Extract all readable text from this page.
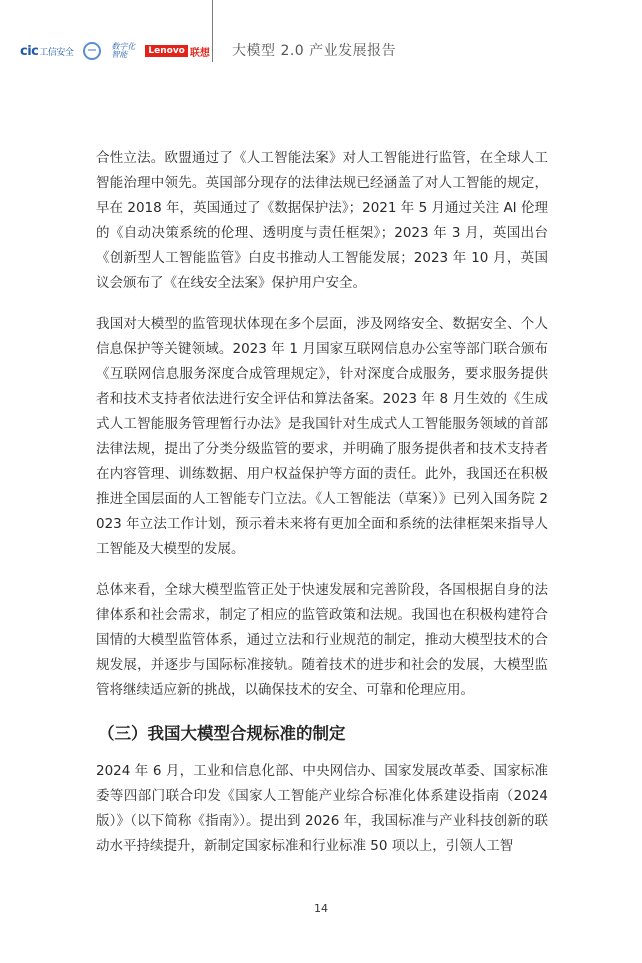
cic工信安全
数字化
智能	Lenovo 联想 大模型 2.0 产业发展报告

合性立法。欧盟通过了《人工智能法案》对人工智能进行监管，在全球人工智能治理中领先。英国部分现存的法律法规已经涵盖了对人工智能的规定，早在 2018 年，英国通过了《数据保护法》；2021 年 5 月通过关注 AI 伦理的《自动决策系统的伦理、透明度与责任框架》；2023 年 3 月，英国出台《创新型人工智能监管》白皮书推动人工智能发展；2023 年 10 月，英国议会颁布了《在线安全法案》保护用户安全。

我国对大模型的监管现状体现在多个层面，涉及网络安全、数据安全、个人信息保护等关键领域。2023 年 1 月国家互联网信息办公室等部门联合颁布《互联网信息服务深度合成管理规定》，针对深度合成服务，要求服务提供者和技术支持者依法进行安全评估和算法备案。2023 年 8 月生效的《生成式人工智能服务管理暂行办法》是我国针对生成式人工智能服务领域的首部法律法规，提出了分类分级监管的要求，并明确了服务提供者和技术支持者在内容管理、训练数据、用户权益保护等方面的责任。此外，我国还在积极推进全国层面的人工智能专门立法。《人工智能法（草案）》已列入国务院 2023 年立法工作计划，预示着未来将有更加全面和系统的法律框架来指导人工智能及大模型的发展。

总体来看，全球大模型监管正处于快速发展和完善阶段，各国根据自身的法律体系和社会需求，制定了相应的监管政策和法规。我国也在积极构建符合国情的大模型监管体系，通过立法和行业规范的制定，推动大模型技术的合规发展，并逐步与国际标准接轨。随着技术的进步和社会的发展，大模型监管将继续适应新的挑战，以确保技术的安全、可靠和伦理应用。

（三）我国大模型合规标准的制定

2024 年 6 月，工业和信息化部、中央网信办、国家发展改革委、国家标准委等四部门联合印发《国家人工智能产业综合标准化体系建设指南（2024 版）》（以下简称《指南》）。提出到 2026 年，我国标准与产业科技创新的联动水平持续提升，新制定国家标准和行业标准 50 项以上，引领人工智

14
